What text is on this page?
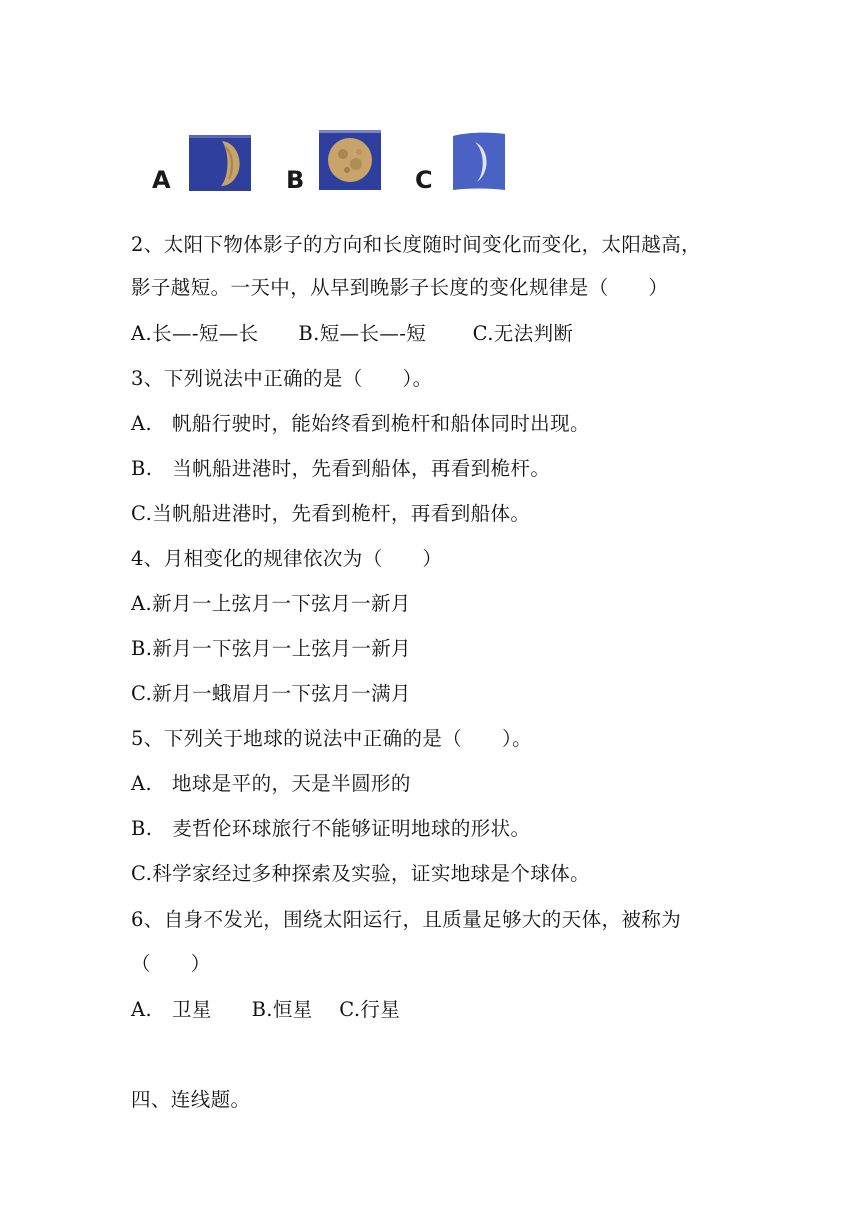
A	B	C
2、太阳下物体影子的方向和长度随时间变化而变化，太阳越高，
影子越短。一天中，从早到晚影子长度的变化规律是（　　）
A.长—-短—长　　B.短—长—-短　　 C.无法判断
3、下列说法中正确的是（　　）。
A.　帆船行驶时，能始终看到桅杆和船体同时出现。
B.　当帆船进港时，先看到船体，再看到桅杆。
C.当帆船进港时，先看到桅杆，再看到船体。
4、月相变化的规律依次为（　　）
A.新月一上弦月一下弦月一新月
B.新月一下弦月一上弦月一新月
C.新月一蛾眉月一下弦月一满月
5、下列关于地球的说法中正确的是（　　）。
A.　地球是平的，天是半圆形的
B.　麦哲伦环球旅行不能够证明地球的形状。
C.科学家经过多种探索及实验，证实地球是个球体。
6、自身不发光，围绕太阳运行，且质量足够大的天体，被称为
（　　）
A.　卫星　　B.恒星　 C.行星
四、连线题。
